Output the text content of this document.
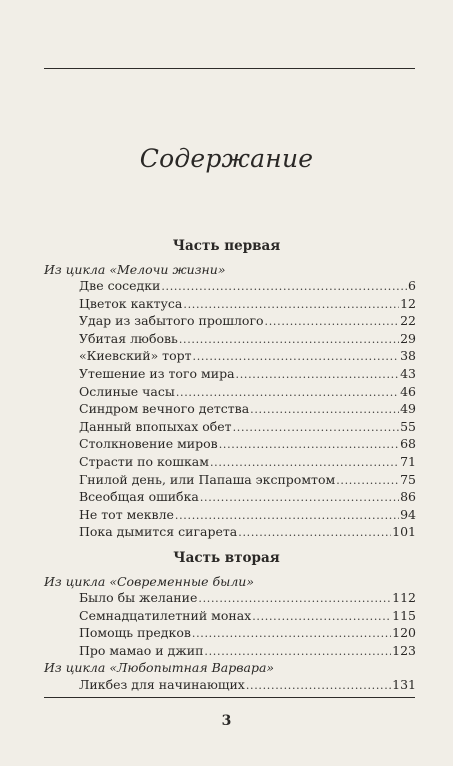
Содержание
Часть первая
Из цикла «Мелочи жизни»
Две соседки . . .	6
Цветок кактуса . . .	12
Удар из забытого прошлого . . .	22
Убитая любовь . . .	29
«Киевский» торт . . .	38
Утешение из того мира . . .	43
Ослиные часы . . .	46
Синдром вечного детства . . .	49
Данный впопыхах обет . . .	55
Столкновение миров . . .	68
Страсти по кошкам . . .	71
Гнилой день, или Папаша экспромтом . . .	75
Всеобщая ошибка . . .	86
Не тот меквле . . .	94
Пока дымится сигарета . . .	101
Часть вторая
Из цикла «Современные были»
Было бы желание . . .	112
Семнадцатилетний монах . . .	115
Помощь предков . . .	120
Про мамао и джип . . .	123
Из цикла «Любопытная Варвара»
Ликбез для начинающих . . .	131
3
